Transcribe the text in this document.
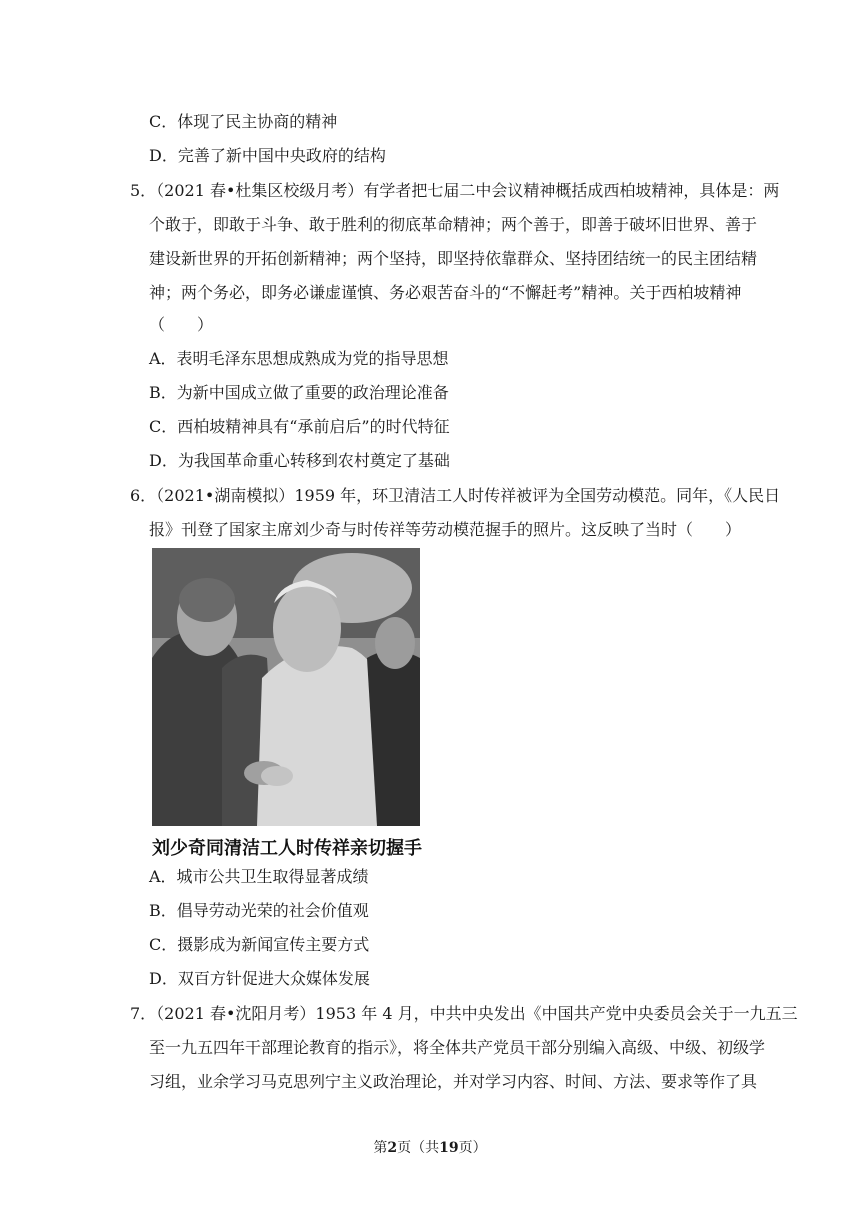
C．体现了民主协商的精神
D．完善了新中国中央政府的结构
5．（2021 春•杜集区校级月考）有学者把七届二中会议精神概括成西柏坡精神，具体是：两
个敢于，即敢于斗争、敢于胜利的彻底革命精神；两个善于，即善于破坏旧世界、善于
建设新世界的开拓创新精神；两个坚持，即坚持依靠群众、坚持团结统一的民主团结精
神；两个务必，即务必谦虚谨慎、务必艰苦奋斗的“不懈赶考”精神。关于西柏坡精神
（　　）
A．表明毛泽东思想成熟成为党的指导思想
B．为新中国成立做了重要的政治理论准备
C．西柏坡精神具有“承前启后”的时代特征
D．为我国革命重心转移到农村奠定了基础
6．（2021•湖南模拟）1959 年，环卫清洁工人时传祥被评为全国劳动模范。同年，《人民日
报》刊登了国家主席刘少奇与时传祥等劳动模范握手的照片。这反映了当时（　　）
刘少奇同清洁工人时传祥亲切握手
A．城市公共卫生取得显著成绩
B．倡导劳动光荣的社会价值观
C．摄影成为新闻宣传主要方式
D．双百方针促进大众媒体发展
7．（2021 春•沈阳月考）1953 年 4 月，中共中央发出《中国共产党中央委员会关于一九五三
至一九五四年干部理论教育的指示》，将全体共产党员干部分别编入高级、中级、初级学
习组，业余学习马克思列宁主义政治理论，并对学习内容、时间、方法、要求等作了具
第2页（共19页）
